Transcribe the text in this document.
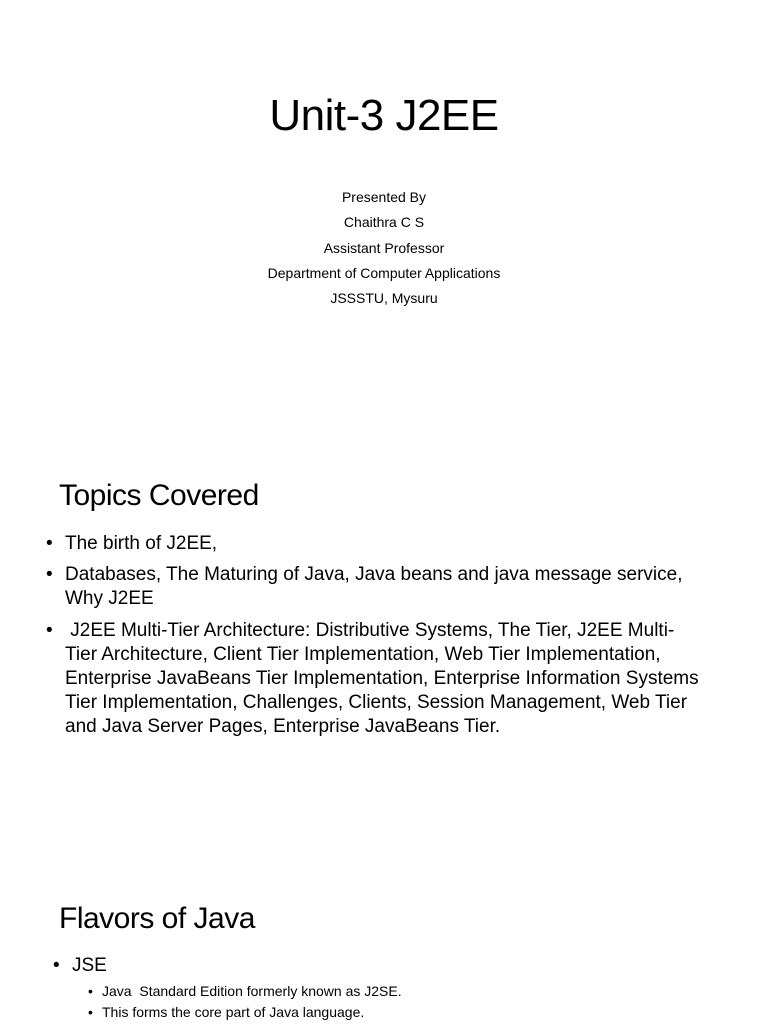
Unit-3 J2EE
Presented By
Chaithra C S
Assistant Professor
Department of Computer Applications
JSSSTU, Mysuru
Topics Covered
• The birth of J2EE,
• Databases, The Maturing of Java, Java beans and java message service, Why J2EE
• J2EE Multi-Tier Architecture: Distributive Systems, The Tier, J2EE Multi-Tier Architecture, Client Tier Implementation, Web Tier Implementation, Enterprise JavaBeans Tier Implementation, Enterprise Information Systems Tier Implementation, Challenges, Clients, Session Management, Web Tier and Java Server Pages, Enterprise JavaBeans Tier.
Flavors of Java
• JSE
• Java  Standard Edition formerly known as J2SE.
• This forms the core part of Java language.
